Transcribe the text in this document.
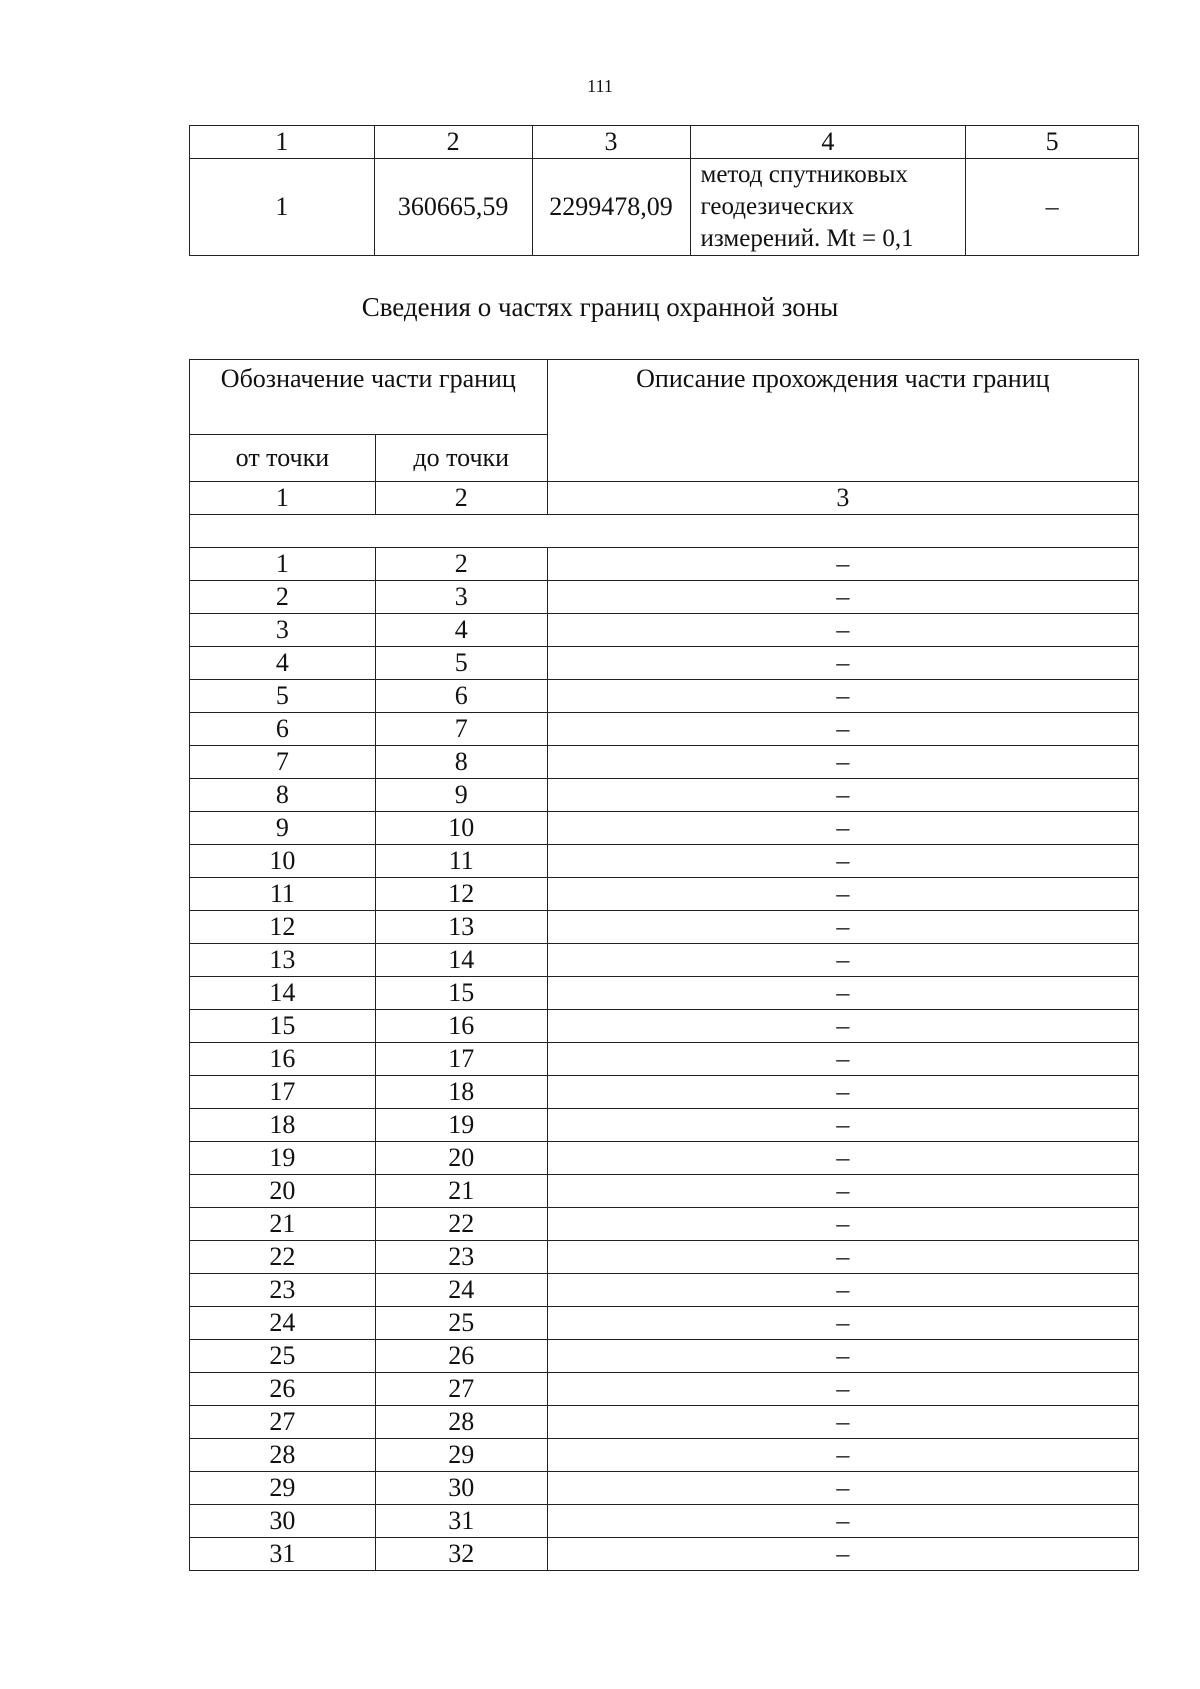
111
1	2	3	4	5
1	360665,59	2299478,09	метод спутниковых
геодезических
измерений. Mt = 0,1	–
Сведения о частях границ охранной зоны
Обозначение части границ		Описание прохождения части границ
от точки	до точки	
1	2	3

1	2	–
2	3	–
3	4	–
4	5	–
5	6	–
6	7	–
7	8	–
8	9	–
9	10	–
10	11	–
11	12	–
12	13	–
13	14	–
14	15	–
15	16	–
16	17	–
17	18	–
18	19	–
19	20	–
20	21	–
21	22	–
22	23	–
23	24	–
24	25	–
25	26	–
26	27	–
27	28	–
28	29	–
29	30	–
30	31	–
31	32	–
